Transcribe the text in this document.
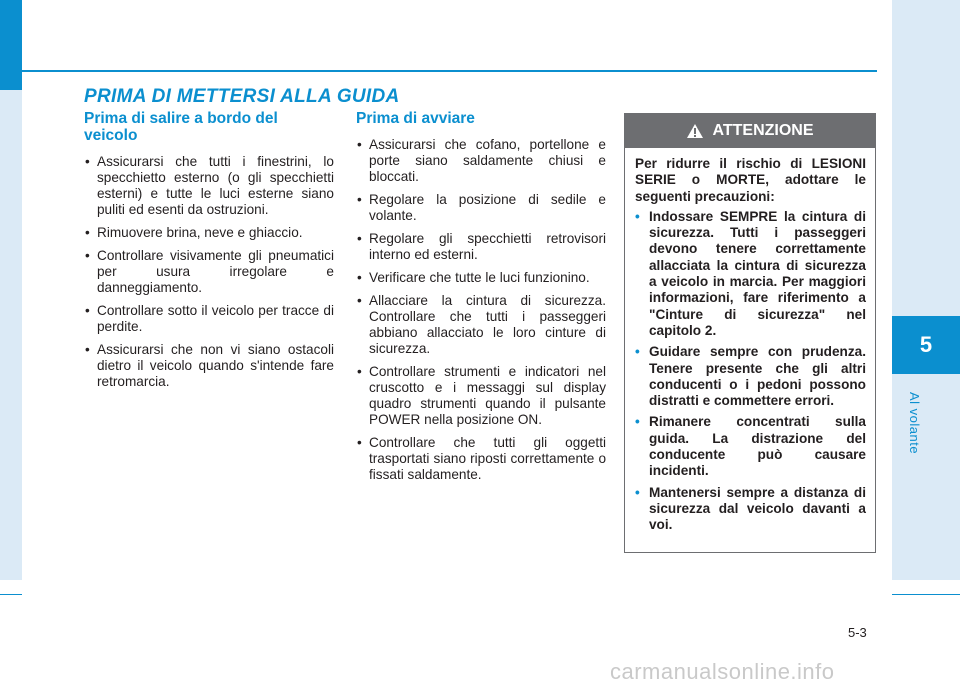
5
Al volante
PRIMA DI METTERSI ALLA GUIDA
Prima di salire a bordo del veicolo
• Assicurarsi che tutti i finestrini, lo specchietto esterno (o gli specchietti esterni) e tutte le luci esterne siano puliti ed esenti da ostruzioni.
• Rimuovere brina, neve e ghiaccio.
• Controllare visivamente gli pneumatici per usura irregolare e danneggiamento.
• Controllare sotto il veicolo per tracce di perdite.
• Assicurarsi che non vi siano ostacoli dietro il veicolo quando s'intende fare retromarcia.
Prima di avviare
• Assicurarsi che cofano, portellone e porte siano saldamente chiusi e bloccati.
• Regolare la posizione di sedile e volante.
• Regolare gli specchietti retrovisori interno ed esterni.
• Verificare che tutte le luci funzionino.
• Allacciare la cintura di sicurezza. Controllare che tutti i passeggeri abbiano allacciato le loro cinture di sicurezza.
• Controllare strumenti e indicatori nel cruscotto e i messaggi sul display quadro strumenti quando il pulsante POWER nella posizione ON.
• Controllare che tutti gli oggetti trasportati siano riposti correttamente o fissati saldamente.
ATTENZIONE

Per ridurre il rischio di LESIONI SERIE o MORTE, adottare le seguenti precauzioni:

• Indossare SEMPRE la cintura di sicurezza. Tutti i passeggeri devono tenere correttamente allacciata la cintura di sicurezza a veicolo in marcia. Per maggiori informazioni, fare riferimento a "Cinture di sicurezza" nel capitolo 2.
• Guidare sempre con prudenza. Tenere presente che gli altri conducenti o i pedoni possono distratti e commettere errori.
• Rimanere concentrati sulla guida. La distrazione del conducente può causare incidenti.
• Mantenersi sempre a distanza di sicurezza dal veicolo davanti a voi.
5-3
carmanualsonline.info
